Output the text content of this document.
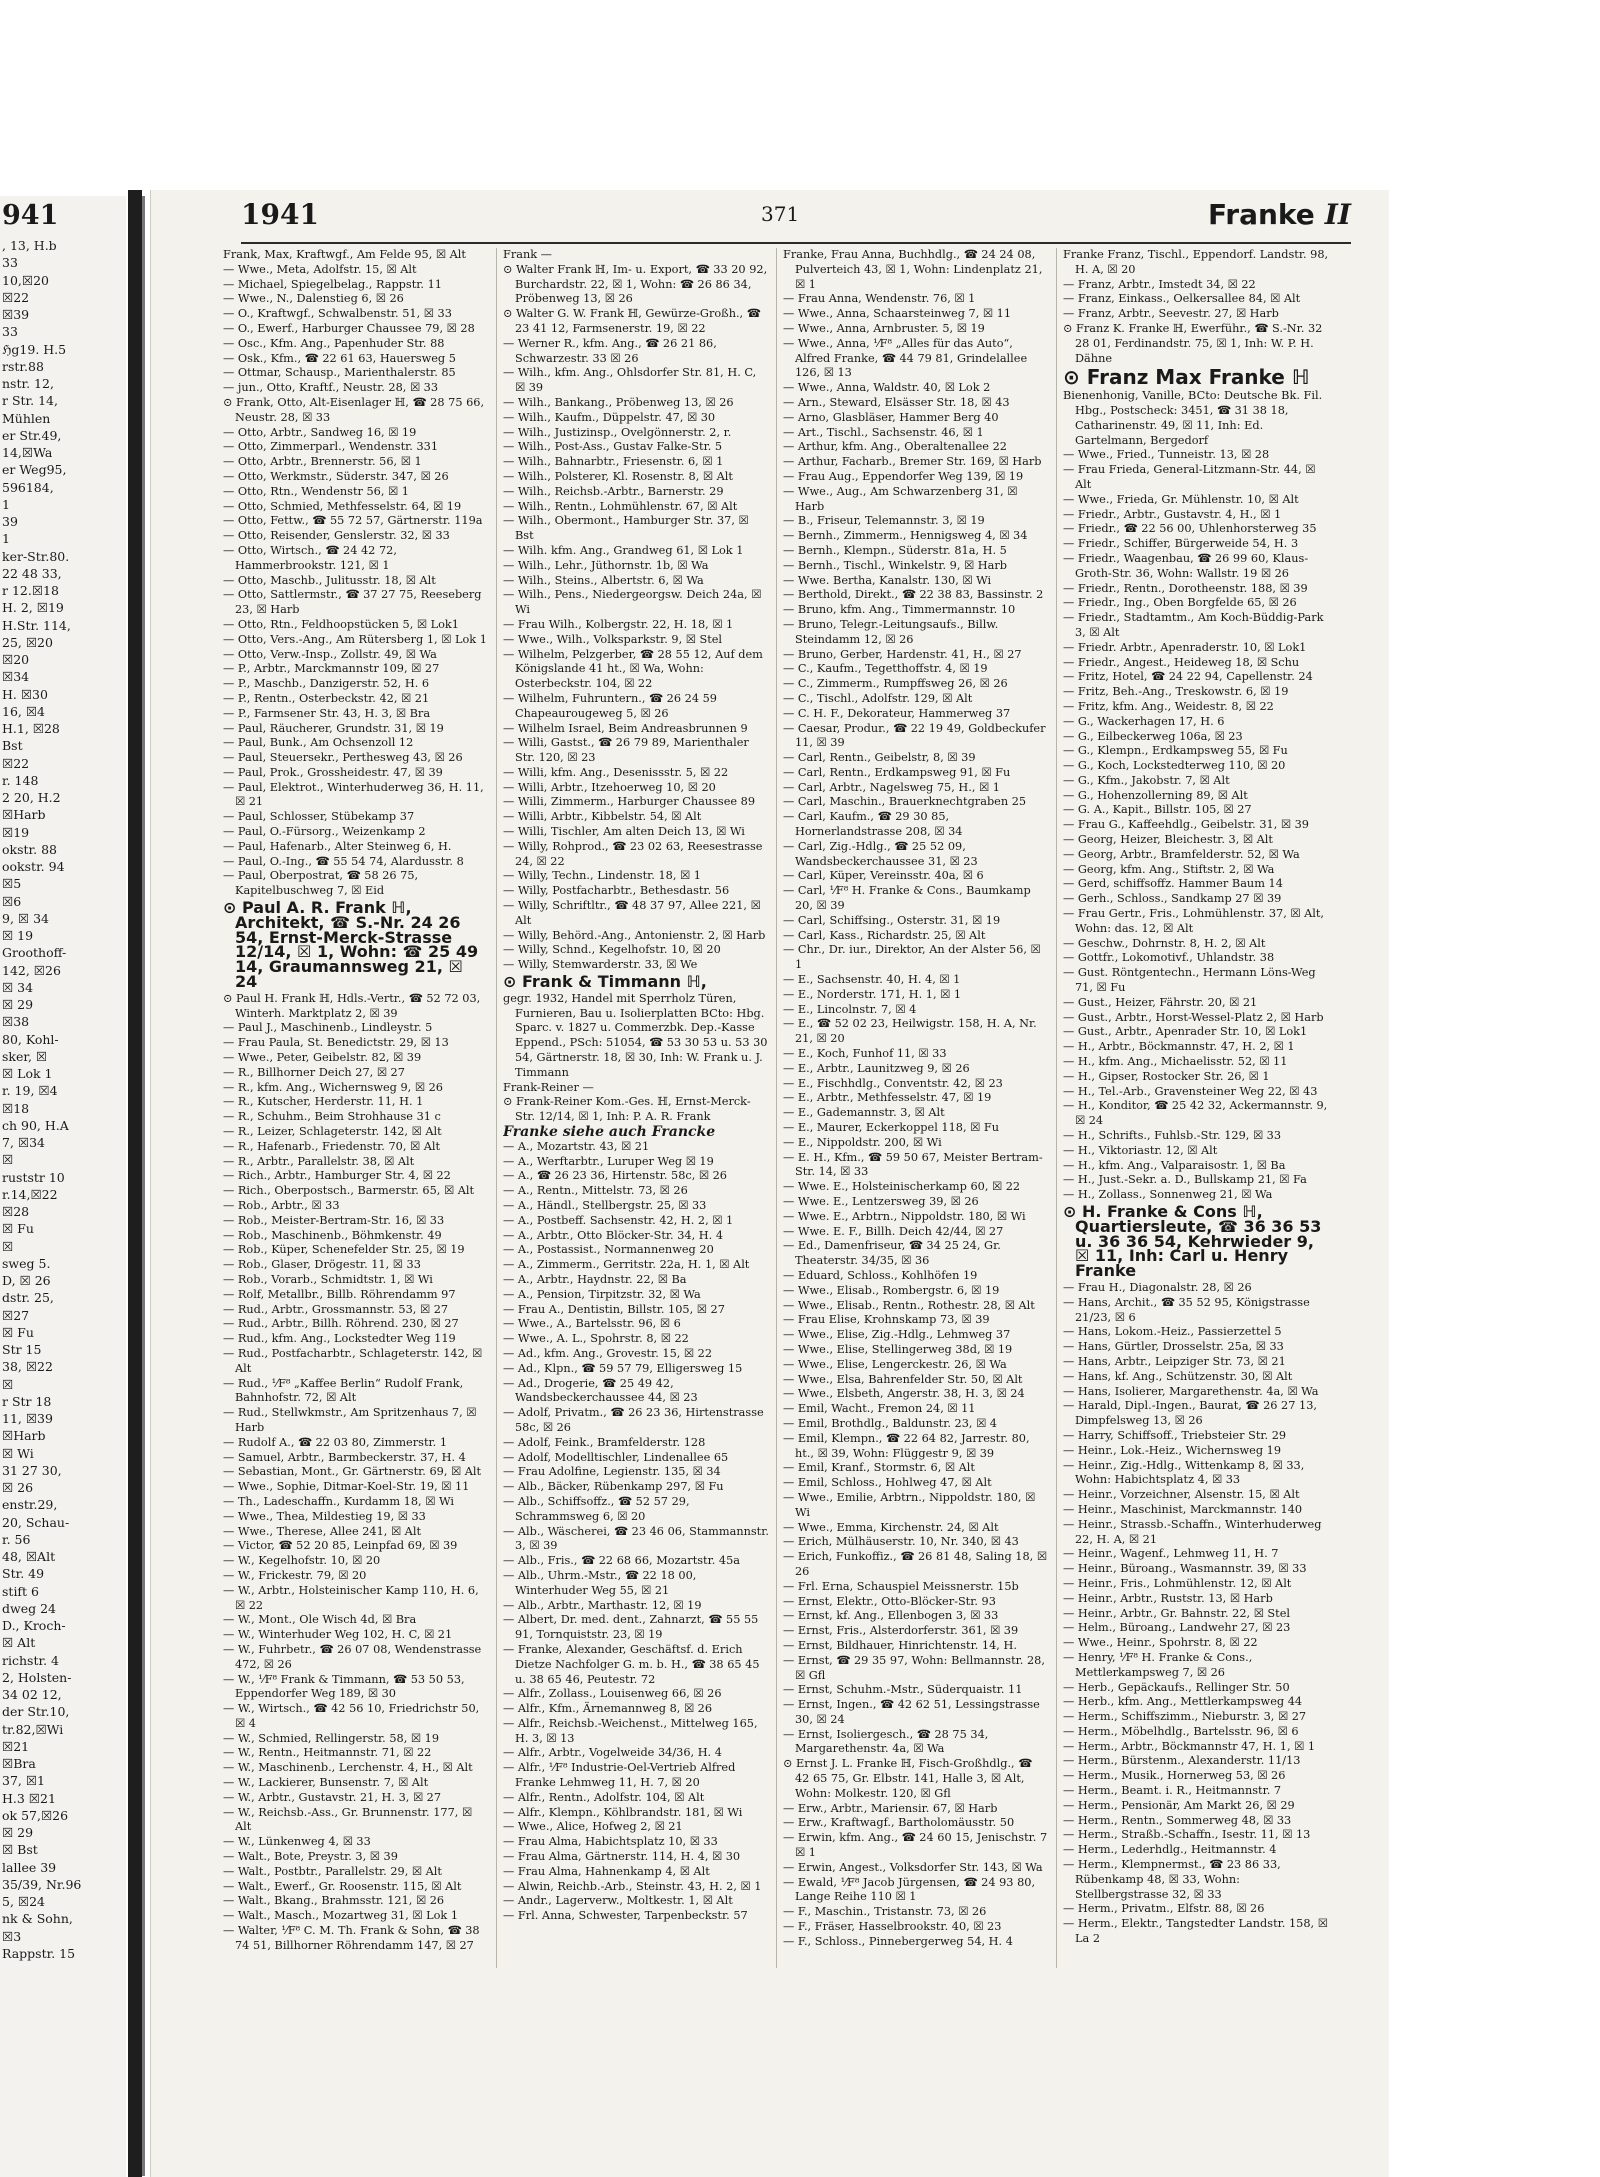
941
, 13, H.b
33
10,☒20
☒22
☒39
33
ℌg19. H.5
rstr.88
nstr. 12,
r Str. 14,
Mühlen
er Str.49,
14,☒Wa
er Weg95,
596184,
1
39
1
ker-Str.80.
22 48 33,
r 12.☒18
H. 2, ☒19
H.Str. 114,
25, ☒20
☒20
☒34
H. ☒30
16, ☒4
H.1, ☒28
Bst
☒22
r. 148
2 20, H.2
☒Harb
☒19
okstr. 88
ookstr. 94
☒5
☒6
9, ☒ 34
☒ 19
Groothoff-
142, ☒26
☒ 34
☒ 29
☒38
80, Kohl-
sker, ☒
☒ Lok 1
r. 19, ☒4
☒18
ch 90, H.A
7, ☒34
☒
ruststr 10
r.14,☒22
☒28
☒ Fu
☒
sweg 5.
D, ☒ 26
dstr. 25,
☒27
☒ Fu
Str 15
38, ☒22
☒
r Str 18
11, ☒39
☒Harb
☒ Wi
31 27 30,
☒ 26
enstr.29,
20, Schau-
r. 56
48, ☒Alt
Str. 49
stift 6
dweg 24
D., Kroch-
☒ Alt
richstr. 4
2, Holsten-
34 02 12,
der Str.10,
tr.82,☒Wi
☒21
☒Bra
37, ☒1
H.3 ☒21
ok 57,☒26
☒ 29
☒ Bst
lallee 39
35/39, Nr.96
5, ☒24
nk & Sohn,
☒3
Rappstr. 15
1941	371	Franke II

Frank, Max, Kraftwgf., Am Felde 95, ☒ Alt

— Wwe., Meta, Adolfstr. 15, ☒ Alt

— Michael, Spiegelbelag., Rappstr. 11

— Wwe., N., Dalenstieg 6, ☒ 26

— O., Kraftwgf., Schwalbenstr. 51, ☒ 33

— O., Ewerf., Harburger Chaussee 79, ☒ 28

— Osc., Kfm. Ang., Papenhuder Str. 88

— Osk., Kfm., ☎ 22 61 63, Hauersweg 5

— Ottmar, Schausp., Marienthalerstr. 85

— jun., Otto, Kraftf., Neustr. 28, ☒ 33

⊙ Frank, Otto, Alt-Eisenlager ℍ, ☎ 28 75 66, Neustr. 28, ☒ 33

— Otto, Arbtr., Sandweg 16, ☒ 19

— Otto, Zimmerparl., Wendenstr. 331

— Otto, Arbtr., Brennerstr. 56, ☒ 1

— Otto, Werkmstr., Süderstr. 347, ☒ 26

— Otto, Rtn., Wendenstr 56, ☒ 1

— Otto, Schmied, Methfesselstr. 64, ☒ 19

— Otto, Fettw., ☎ 55 72 57, Gärtnerstr. 119a

— Otto, Reisender, Genslerstr. 32, ☒ 33

— Otto, Wirtsch., ☎ 24 42 72, Hammerbrookstr. 121, ☒ 1

— Otto, Maschb., Julitusstr. 18, ☒ Alt

— Otto, Sattlermstr., ☎ 37 27 75, Reeseberg 23, ☒ Harb

— Otto, Rtn., Feldhoopstücken 5, ☒ Lok1

— Otto, Vers.-Ang., Am Rütersberg 1, ☒ Lok 1

— Otto, Verw.-Insp., Zollstr. 49, ☒ Wa

— P., Arbtr., Marckmannstr 109, ☒ 27

— P., Maschb., Danzigerstr. 52, H. 6

— P., Rentn., Osterbeckstr. 42, ☒ 21

— P., Farmsener Str. 43, H. 3, ☒ Bra

— Paul, Räucherer, Grundstr. 31, ☒ 19

— Paul, Bunk., Am Ochsenzoll 12

— Paul, Steuersekr., Perthesweg 43, ☒ 26

— Paul, Prok., Grossheidestr. 47, ☒ 39

— Paul, Elektrot., Winterhuderweg 36, H. 11, ☒ 21

— Paul, Schlosser, Stübekamp 37

— Paul, O.-Fürsorg., Weizenkamp 2

— Paul, Hafenarb., Alter Steinweg 6, H.

— Paul, O.-Ing., ☎ 55 54 74, Alardusstr. 8

— Paul, Oberpostrat, ☎ 58 26 75, Kapitelbuschweg 7, ☒ Eid

⊙ Paul A. R. Frank ℍ, Architekt, ☎ S.-Nr. 24 26 54, Ernst-Merck-Strasse 12/14, ☒ 1, Wohn: ☎ 25 49 14, Graumannsweg 21, ☒ 24

⊙ Paul H. Frank ℍ, Hdls.-Vertr., ☎ 52 72 03, Winterh. Marktplatz 2, ☒ 39

— Paul J., Maschinenb., Lindleystr. 5

— Frau Paula, St. Benedictstr. 29, ☒ 13

— Wwe., Peter, Geibelstr. 82, ☒ 39

— R., Billhorner Deich 27, ☒ 27

— R., kfm. Ang., Wichernsweg 9, ☒ 26

— R., Kutscher, Herderstr. 11, H. 1

— R., Schuhm., Beim Strohhause 31 c

— R., Leizer, Schlageterstr. 142, ☒ Alt

— R., Hafenarb., Friedenstr. 70, ☒ Alt

— R., Arbtr., Parallelstr. 38, ☒ Alt

— Rich., Arbtr., Hamburger Str. 4, ☒ 22

— Rich., Oberpostsch., Barmerstr. 65, ☒ Alt

— Rob., Arbtr., ☒ 33

— Rob., Meister-Bertram-Str. 16, ☒ 33

— Rob., Maschinenb., Böhmkenstr. 49

— Rob., Küper, Schenefelder Str. 25, ☒ 19

— Rob., Glaser, Drögestr. 11, ☒ 33

— Rob., Vorarb., Schmidtstr. 1, ☒ Wi

— Rolf, Metallbr., Billb. Röhrendamm 97

— Rud., Arbtr., Grossmannstr. 53, ☒ 27

— Rud., Arbtr., Billh. Röhrend. 230, ☒ 27

— Rud., kfm. Ang., Lockstedter Weg 119

— Rud., Postfacharbtr., Schlageterstr. 142, ☒ Alt

— Rud., ⅟F⁸ „Kaffee Berlin“ Rudolf Frank, Bahnhofstr. 72, ☒ Alt

— Rud., Stellwkmstr., Am Spritzenhaus 7, ☒ Harb

— Rudolf A., ☎ 22 03 80, Zimmerstr. 1

— Samuel, Arbtr., Barmbeckerstr. 37, H. 4

— Sebastian, Mont., Gr. Gärtnerstr. 69, ☒ Alt

— Wwe., Sophie, Ditmar-Koel-Str. 19, ☒ 11

— Th., Ladeschaffn., Kurdamm 18, ☒ Wi

— Wwe., Thea, Mildestieg 19, ☒ 33

— Wwe., Therese, Allee 241, ☒ Alt

— Victor, ☎ 52 20 85, Leinpfad 69, ☒ 39

— W., Kegelhofstr. 10, ☒ 20

— W., Frickestr. 79, ☒ 20

— W., Arbtr., Holsteinischer Kamp 110, H. 6, ☒ 22

— W., Mont., Ole Wisch 4d, ☒ Bra

— W., Winterhuder Weg 102, H. C, ☒ 21

— W., Fuhrbetr., ☎ 26 07 08, Wendenstrasse 472, ☒ 26

— W., ⅟F⁸ Frank & Timmann, ☎ 53 50 53, Eppendorfer Weg 189, ☒ 30

— W., Wirtsch., ☎ 42 56 10, Friedrichstr 50, ☒ 4

— W., Schmied, Rellingerstr. 58, ☒ 19

— W., Rentn., Heitmannstr. 71, ☒ 22

— W., Maschinenb., Lerchenstr. 4, H., ☒ Alt

— W., Lackierer, Bunsenstr. 7, ☒ Alt

— W., Arbtr., Gustavstr. 21, H. 3, ☒ 27

— W., Reichsb.-Ass., Gr. Brunnenstr. 177, ☒ Alt

— W., Lünkenweg 4, ☒ 33

— Walt., Bote, Preystr. 3, ☒ 39

— Walt., Postbtr., Parallelstr. 29, ☒ Alt

— Walt., Ewerf., Gr. Roosenstr. 115, ☒ Alt

— Walt., Bkang., Brahmsstr. 121, ☒ 26

— Walt., Masch., Mozartweg 31, ☒ Lok 1

— Walter, ⅟F⁸ C. M. Th. Frank & Sohn, ☎ 38 74 51, Billhorner Röhrendamm 147, ☒ 27

Frank —

⊙ Walter Frank ℍ, Im- u. Export, ☎ 33 20 92, Burchardstr. 22, ☒ 1, Wohn: ☎ 26 86 34, Pröbenweg 13, ☒ 26

⊙ Walter G. W. Frank ℍ, Gewürze-Großh., ☎ 23 41 12, Farmsenerstr. 19, ☒ 22

— Werner R., kfm. Ang., ☎ 26 21 86, Schwarzestr. 33 ☒ 26

— Wilh., kfm. Ang., Ohlsdorfer Str. 81, H. C, ☒ 39

— Wilh., Bankang., Pröbenweg 13, ☒ 26

— Wilh., Kaufm., Düppelstr. 47, ☒ 30

— Wilh., Justizinsp., Ovelgönnerstr. 2, r.

— Wilh., Post-Ass., Gustav Falke-Str. 5

— Wilh., Bahnarbtr., Friesenstr. 6, ☒ 1

— Wilh., Polsterer, Kl. Rosenstr. 8, ☒ Alt

— Wilh., Reichsb.-Arbtr., Barnerstr. 29

— Wilh., Rentn., Lohmühlenstr. 67, ☒ Alt

— Wilh., Obermont., Hamburger Str. 37, ☒ Bst

— Wilh. kfm. Ang., Grandweg 61, ☒ Lok 1

— Wilh., Lehr., Jüthornstr. 1b, ☒ Wa

— Wilh., Steins., Albertstr. 6, ☒ Wa

— Wilh., Pens., Niedergeorgsw. Deich 24a, ☒ Wi

— Frau Wilh., Kolbergstr. 22, H. 18, ☒ 1

— Wwe., Wilh., Volksparkstr. 9, ☒ Stel

— Wilhelm, Pelzgerber, ☎ 28 55 12, Auf dem Königslande 41 ht., ☒ Wa, Wohn: Osterbeckstr. 104, ☒ 22

— Wilhelm, Fuhruntern., ☎ 26 24 59 Chapeaurougeweg 5, ☒ 26

— Wilhelm Israel, Beim Andreasbrunnen 9

— Willi, Gastst., ☎ 26 79 89, Marienthaler Str. 120, ☒ 23

— Willi, kfm. Ang., Desenissstr. 5, ☒ 22

— Willi, Arbtr., Itzehoerweg 10, ☒ 20

— Willi, Zimmerm., Harburger Chaussee 89

— Willi, Arbtr., Kibbelstr. 54, ☒ Alt

— Willi, Tischler, Am alten Deich 13, ☒ Wi

— Willy, Rohprod., ☎ 23 02 63, Reesestrasse 24, ☒ 22

— Willy, Techn., Lindenstr. 18, ☒ 1

— Willy, Postfacharbtr., Bethesdastr. 56

— Willy, Schriftltr., ☎ 48 37 97, Allee 221, ☒ Alt

— Willy, Behörd.-Ang., Antonienstr. 2, ☒ Harb

— Willy, Schnd., Kegelhofstr. 10, ☒ 20

— Willy, Stemwarderstr. 33, ☒ We

⊙ Frank & Timmann ℍ,

gegr. 1932, Handel mit Sperrholz Türen, Furnieren, Bau u. Isolierplatten BCto: Hbg. Sparc. v. 1827 u. Commerzbk. Dep.-Kasse Eppend., PSch: 51054, ☎ 53 30 53 u. 53 30 54, Gärtnerstr. 18, ☒ 30, Inh: W. Frank u. J. Timmann

Frank-Reiner —

⊙ Frank-Reiner Kom.-Ges. ℍ, Ernst-Merck-Str. 12/14, ☒ 1, Inh: P. A. R. Frank

Franke siehe auch Francke

— A., Mozartstr. 43, ☒ 21

— A., Werftarbtr., Luruper Weg ☒ 19

— A., ☎ 26 23 36, Hirtenstr. 58c, ☒ 26

— A., Rentn., Mittelstr. 73, ☒ 26

— A., Händl., Stellbergstr. 25, ☒ 33

— A., Postbeff. Sachsenstr. 42, H. 2, ☒ 1

— A., Arbtr., Otto Blöcker-Str. 34, H. 4

— A., Postassist., Normannenweg 20

— A., Zimmerm., Gerritstr. 22a, H. 1, ☒ Alt

— A., Arbtr., Haydnstr. 22, ☒ Ba

— A., Pension, Tirpitzstr. 32, ☒ Wa

— Frau A., Dentistin, Billstr. 105, ☒ 27

— Wwe., A., Bartelsstr. 96, ☒ 6

— Wwe., A. L., Spohrstr. 8, ☒ 22

— Ad., kfm. Ang., Grovestr. 15, ☒ 22

— Ad., Klpn., ☎ 59 57 79, Elligersweg 15

— Ad., Drogerie, ☎ 25 49 42, Wandsbeckerchaussee 44, ☒ 23

— Adolf, Privatm., ☎ 26 23 36, Hirtenstrasse 58c, ☒ 26

— Adolf, Feink., Bramfelderstr. 128

— Adolf, Modelltischler, Lindenallee 65

— Frau Adolfine, Legienstr. 135, ☒ 34

— Alb., Bäcker, Rübenkamp 297, ☒ Fu

— Alb., Schiffsoffz., ☎ 52 57 29, Schrammsweg 6, ☒ 20

— Alb., Wäscherei, ☎ 23 46 06, Stammannstr. 3, ☒ 39

— Alb., Fris., ☎ 22 68 66, Mozartstr. 45a

— Alb., Uhrm.-Mstr., ☎ 22 18 00, Winterhuder Weg 55, ☒ 21

— Alb., Arbtr., Marthastr. 12, ☒ 19

— Albert, Dr. med. dent., Zahnarzt, ☎ 55 55 91, Tornquiststr. 23, ☒ 19

— Franke, Alexander, Geschäftsf. d. Erich Dietze Nachfolger G. m. b. H., ☎ 38 65 45 u. 38 65 46, Peutestr. 72

— Alfr., Zollass., Louisenweg 66, ☒ 26

— Alfr., Kfm., Ärnemannweg 8, ☒ 26

— Alfr., Reichsb.-Weichenst., Mittelweg 165, H. 3, ☒ 13

— Alfr., Arbtr., Vogelweide 34/36, H. 4

— Alfr., ⅟F⁸ Industrie-Oel-Vertrieb Alfred Franke Lehmweg 11, H. 7, ☒ 20

— Alfr., Rentn., Adolfstr. 104, ☒ Alt

— Alfr., Klempn., Köhlbrandstr. 181, ☒ Wi

— Wwe., Alice, Hofweg 2, ☒ 21

— Frau Alma, Habichtsplatz 10, ☒ 33

— Frau Alma, Gärtnerstr. 114, H. 4, ☒ 30

— Frau Alma, Hahnenkamp 4, ☒ Alt

— Alwin, Reichb.-Arb., Steinstr. 43, H. 2, ☒ 1

— Andr., Lagerverw., Moltkestr. 1, ☒ Alt

— Frl. Anna, Schwester, Tarpenbeckstr. 57

Franke, Frau Anna, Buchhdlg., ☎ 24 24 08, Pulverteich 43, ☒ 1, Wohn: Lindenplatz 21, ☒ 1

— Frau Anna, Wendenstr. 76, ☒ 1

— Wwe., Anna, Schaarsteinweg 7, ☒ 11

— Wwe., Anna, Arnbruster. 5, ☒ 19

— Wwe., Anna, ⅟F⁸ „Alles für das Auto“, Alfred Franke, ☎ 44 79 81, Grindelallee 126, ☒ 13

— Wwe., Anna, Waldstr. 40, ☒ Lok 2

— Arn., Steward, Elsässer Str. 18, ☒ 43

— Arno, Glasbläser, Hammer Berg 40

— Art., Tischl., Sachsenstr. 46, ☒ 1

— Arthur, kfm. Ang., Oberaltenallee 22

— Arthur, Facharb., Bremer Str. 169, ☒ Harb

— Frau Aug., Eppendorfer Weg 139, ☒ 19

— Wwe., Aug., Am Schwarzenberg 31, ☒ Harb

— B., Friseur, Telemannstr. 3, ☒ 19

— Bernh., Zimmerm., Hennigsweg 4, ☒ 34

— Bernh., Klempn., Süderstr. 81a, H. 5

— Bernh., Tischl., Winkelstr. 9, ☒ Harb

— Wwe. Bertha, Kanalstr. 130, ☒ Wi

— Berthold, Direkt., ☎ 22 38 83, Bassinstr. 2

— Bruno, kfm. Ang., Timmermannstr. 10

— Bruno, Telegr.-Leitungsaufs., Billw. Steindamm 12, ☒ 26

— Bruno, Gerber, Hardenstr. 41, H., ☒ 27

— C., Kaufm., Tegetthoffstr. 4, ☒ 19

— C., Zimmerm., Rumpffsweg 26, ☒ 26

— C., Tischl., Adolfstr. 129, ☒ Alt

— C. H. F., Dekorateur, Hammerweg 37

— Caesar, Produr., ☎ 22 19 49, Goldbeckufer 11, ☒ 39

— Carl, Rentn., Geibelstr, 8, ☒ 39

— Carl, Rentn., Erdkampsweg 91, ☒ Fu

— Carl, Arbtr., Nagelsweg 75, H., ☒ 1

— Carl, Maschin., Brauerknechtgraben 25

— Carl, Kaufm., ☎ 29 30 85, Hornerlandstrasse 208, ☒ 34

— Carl, Zig.-Hdlg., ☎ 25 52 09, Wandsbeckerchaussee 31, ☒ 23

— Carl, Küper, Vereinsstr. 40a, ☒ 6

— Carl, ⅟F⁸ H. Franke & Cons., Baumkamp 20, ☒ 39

— Carl, Schiffsing., Osterstr. 31, ☒ 19

— Carl, Kass., Richardstr. 25, ☒ Alt

— Chr., Dr. iur., Direktor, An der Alster 56, ☒ 1

— E., Sachsenstr. 40, H. 4, ☒ 1

— E., Norderstr. 171, H. 1, ☒ 1

— E., Lincolnstr. 7, ☒ 4

— E., ☎ 52 02 23, Heilwigstr. 158, H. A, Nr. 21, ☒ 20

— E., Koch, Funhof 11, ☒ 33

— E., Arbtr., Launitzweg 9, ☒ 26

— E., Fischhdlg., Conventstr. 42, ☒ 23

— E., Arbtr., Methfesselstr. 47, ☒ 19

— E., Gademannstr. 3, ☒ Alt

— E., Maurer, Eckerkoppel 118, ☒ Fu

— E., Nippoldstr. 200, ☒ Wi

— E. H., Kfm., ☎ 59 50 67, Meister Bertram-Str. 14, ☒ 33

— Wwe. E., Holsteinischerkamp 60, ☒ 22

— Wwe. E., Lentzersweg 39, ☒ 26

— Wwe. E., Arbtrn., Nippoldstr. 180, ☒ Wi

— Wwe. E. F., Billh. Deich 42/44, ☒ 27

— Ed., Damenfriseur, ☎ 34 25 24, Gr. Theaterstr. 34/35, ☒ 36

— Eduard, Schloss., Kohlhöfen 19

— Wwe., Elisab., Rombergstr. 6, ☒ 19

— Wwe., Elisab., Rentn., Rothestr. 28, ☒ Alt

— Frau Elise, Krohnskamp 73, ☒ 39

— Wwe., Elise, Zig.-Hdlg., Lehmweg 37

— Wwe., Elise, Stellingerweg 38d, ☒ 19

— Wwe., Elise, Lengerckestr. 26, ☒ Wa

— Wwe., Elsa, Bahrenfelder Str. 50, ☒ Alt

— Wwe., Elsbeth, Angerstr. 38, H. 3, ☒ 24

— Emil, Wacht., Fremon 24, ☒ 11

— Emil, Brothdlg., Baldunstr. 23, ☒ 4

— Emil, Klempn., ☎ 22 64 82, Jarrestr. 80, ht., ☒ 39, Wohn: Flüggestr 9, ☒ 39

— Emil, Kranf., Stormstr. 6, ☒ Alt

— Emil, Schloss., Hohlweg 47, ☒ Alt

— Wwe., Emilie, Arbtrn., Nippoldstr. 180, ☒ Wi

— Wwe., Emma, Kirchenstr. 24, ☒ Alt

— Erich, Mülhäuserstr. 10, Nr. 340, ☒ 43

— Erich, Funkoffiz., ☎ 26 81 48, Saling 18, ☒ 26

— Frl. Erna, Schauspiel Meissnerstr. 15b

— Ernst, Elektr., Otto-Blöcker-Str. 93

— Ernst, kf. Ang., Ellenbogen 3, ☒ 33

— Ernst, Fris., Alsterdorferstr. 361, ☒ 39

— Ernst, Bildhauer, Hinrichtenstr. 14, H.

— Ernst, ☎ 29 35 97, Wohn: Bellmannstr. 28, ☒ Gfl

— Ernst, Schuhm.-Mstr., Süderquaistr. 11

— Ernst, Ingen., ☎ 42 62 51, Lessingstrasse 30, ☒ 24

— Ernst, Isoliergesch., ☎ 28 75 34, Margarethenstr. 4a, ☒ Wa

⊙ Ernst J. L. Franke ℍ, Fisch-Großhdlg., ☎ 42 65 75, Gr. Elbstr. 141, Halle 3, ☒ Alt, Wohn: Molkestr. 120, ☒ Gfl

— Erw., Arbtr., Mariensir. 67, ☒ Harb

— Erw., Kraftwagf., Bartholomäusstr. 50

— Erwin, kfm. Ang., ☎ 24 60 15, Jenischstr. 7 ☒ 1

— Erwin, Angest., Volksdorfer Str. 143, ☒ Wa

— Ewald, ⅟F⁸ Jacob Jürgensen, ☎ 24 93 80, Lange Reihe 110 ☒ 1

— F., Maschin., Tristanstr. 73, ☒ 26

— F., Fräser, Hasselbrookstr. 40, ☒ 23

— F., Schloss., Pinnebergerweg 54, H. 4

Franke Franz, Tischl., Eppendorf. Landstr. 98, H. A, ☒ 20

— Franz, Arbtr., Imstedt 34, ☒ 22

— Franz, Einkass., Oelkersallee 84, ☒ Alt

— Franz, Arbtr., Seevestr. 27, ☒ Harb

⊙ Franz K. Franke ℍ, Ewerführ., ☎ S.-Nr. 32 28 01, Ferdinandstr. 75, ☒ 1, Inh: W. P. H. Dähne

⊙ Franz Max Franke ℍ

Bienenhonig, Vanille, BCto: Deutsche Bk. Fil. Hbg., Postscheck: 3451, ☎ 31 38 18, Catharinenstr. 49, ☒ 11, Inh: Ed. Gartelmann, Bergedorf

— Wwe., Fried., Tunneistr. 13, ☒ 28

— Frau Frieda, General-Litzmann-Str. 44, ☒ Alt

— Wwe., Frieda, Gr. Mühlenstr. 10, ☒ Alt

— Friedr., Arbtr., Gustavstr. 4, H., ☒ 1

— Friedr., ☎ 22 56 00, Uhlenhorsterweg 35

— Friedr., Schiffer, Bürgerweide 54, H. 3

— Friedr., Waagenbau, ☎ 26 99 60, Klaus-Groth-Str. 36, Wohn: Wallstr. 19 ☒ 26

— Friedr., Rentn., Dorotheenstr. 188, ☒ 39

— Friedr., Ing., Oben Borgfelde 65, ☒ 26

— Friedr., Stadtamtm., Am Koch-Büddig-Park 3, ☒ Alt

— Friedr. Arbtr., Apenraderstr. 10, ☒ Lok1

— Friedr., Angest., Heideweg 18, ☒ Schu

— Fritz, Hotel, ☎ 24 22 94, Capellenstr. 24

— Fritz, Beh.-Ang., Treskowstr. 6, ☒ 19

— Fritz, kfm. Ang., Weidestr. 8, ☒ 22

— G., Wackerhagen 17, H. 6

— G., Eilbeckerweg 106a, ☒ 23

— G., Klempn., Erdkampsweg 55, ☒ Fu

— G., Koch, Lockstedterweg 110, ☒ 20

— G., Kfm., Jakobstr. 7, ☒ Alt

— G., Hohenzollerning 89, ☒ Alt

— G. A., Kapit., Billstr. 105, ☒ 27

— Frau G., Kaffeehdlg., Geibelstr. 31, ☒ 39

— Georg, Heizer, Bleichestr. 3, ☒ Alt

— Georg, Arbtr., Bramfelderstr. 52, ☒ Wa

— Georg, kfm. Ang., Stiftstr. 2, ☒ Wa

— Gerd, schiffsoffz. Hammer Baum 14

— Gerh., Schloss., Sandkamp 27 ☒ 39

— Frau Gertr., Fris., Lohmühlenstr. 37, ☒ Alt, Wohn: das. 12, ☒ Alt

— Geschw., Dohrnstr. 8, H. 2, ☒ Alt

— Gottfr., Lokomotivf., Uhlandstr. 38

— Gust. Röntgentechn., Hermann Löns-Weg 71, ☒ Fu

— Gust., Heizer, Fährstr. 20, ☒ 21

— Gust., Arbtr., Horst-Wessel-Platz 2, ☒ Harb

— Gust., Arbtr., Apenrader Str. 10, ☒ Lok1

— H., Arbtr., Böckmannstr. 47, H. 2, ☒ 1

— H., kfm. Ang., Michaelisstr. 52, ☒ 11

— H., Gipser, Rostocker Str. 26, ☒ 1

— H., Tel.-Arb., Gravensteiner Weg 22, ☒ 43

— H., Konditor, ☎ 25 42 32, Ackermannstr. 9, ☒ 24

— H., Schrifts., Fuhlsb.-Str. 129, ☒ 33

— H., Viktoriastr. 12, ☒ Alt

— H., kfm. Ang., Valparaisostr. 1, ☒ Ba

— H., Just.-Sekr. a. D., Bullskamp 21, ☒ Fa

— H., Zollass., Sonnenweg 21, ☒ Wa

⊙ H. Franke & Cons ℍ, Quartiersleute, ☎ 36 36 53 u. 36 36 54, Kehrwieder 9, ☒ 11, Inh: Carl u. Henry Franke

— Frau H., Diagonalstr. 28, ☒ 26

— Hans, Archit., ☎ 35 52 95, Königstrasse 21/23, ☒ 6

— Hans, Lokom.-Heiz., Passierzettel 5

— Hans, Gürtler, Drosselstr. 25a, ☒ 33

— Hans, Arbtr., Leipziger Str. 73, ☒ 21

— Hans, kf. Ang., Schützenstr. 30, ☒ Alt

— Hans, Isolierer, Margarethenstr. 4a, ☒ Wa

— Harald, Dipl.-Ingen., Baurat, ☎ 26 27 13, Dimpfelsweg 13, ☒ 26

— Harry, Schiffsoff., Triebsteier Str. 29

— Heinr., Lok.-Heiz., Wichernsweg 19

— Heinr., Zig.-Hdlg., Wittenkamp 8, ☒ 33, Wohn: Habichtsplatz 4, ☒ 33

— Heinr., Vorzeichner, Alsenstr. 15, ☒ Alt

— Heinr., Maschinist, Marckmannstr. 140

— Heinr., Strassb.-Schaffn., Winterhuderweg 22, H. A, ☒ 21

— Heinr., Wagenf., Lehmweg 11, H. 7

— Heinr., Büroang., Wasmannstr. 39, ☒ 33

— Heinr., Fris., Lohmühlenstr. 12, ☒ Alt

— Heinr., Arbtr., Ruststr. 13, ☒ Harb

— Heinr., Arbtr., Gr. Bahnstr. 22, ☒ Stel

— Helm., Büroang., Landwehr 27, ☒ 23

— Wwe., Heinr., Spohrstr. 8, ☒ 22

— Henry, ⅟F⁸ H. Franke & Cons., Mettlerkampsweg 7, ☒ 26

— Herb., Gepäckaufs., Rellinger Str. 50

— Herb., kfm. Ang., Mettlerkampsweg 44

— Herm., Schiffszimm., Nieburstr. 3, ☒ 27

— Herm., Möbelhdlg., Bartelsstr. 96, ☒ 6

— Herm., Arbtr., Böckmannstr 47, H. 1, ☒ 1

— Herm., Bürstenm., Alexanderstr. 11/13

— Herm., Musik., Hornerweg 53, ☒ 26

— Herm., Beamt. i. R., Heitmannstr. 7

— Herm., Pensionär, Am Markt 26, ☒ 29

— Herm., Rentn., Sommerweg 48, ☒ 33

— Herm., Straßb.-Schaffn., Isestr. 11, ☒ 13

— Herm., Lederhdlg., Heitmannstr. 4

— Herm., Klempnermst., ☎ 23 86 33, Rübenkamp 48, ☒ 33, Wohn: Stellbergstrasse 32, ☒ 33

— Herm., Privatm., Elfstr. 88, ☒ 26

— Herm., Elektr., Tangstedter Landstr. 158, ☒ La 2
